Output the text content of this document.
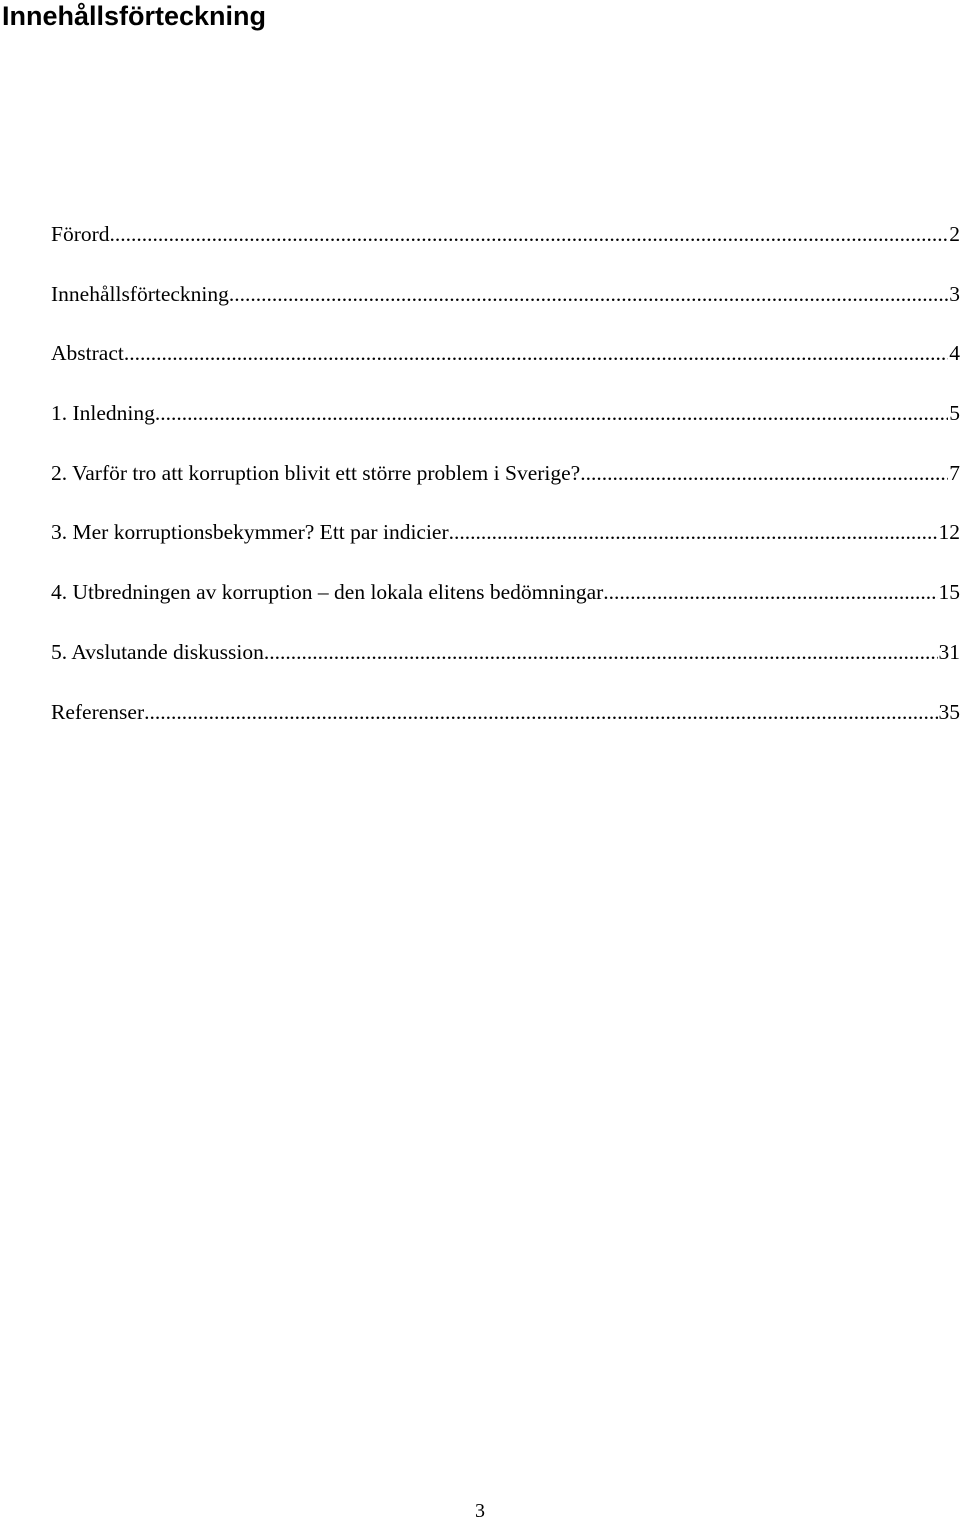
Innehållsförteckning
Förord .....	2
Innehållsförteckning .....	3
Abstract .....	4
1. Inledning .....	5
2. Varför tro att korruption blivit ett större problem i Sverige? .....	7
3. Mer korruptionsbekymmer? Ett par indicier .....	12
4. Utbredningen av korruption – den lokala elitens bedömningar .....	15
5. Avslutande diskussion .....	31
Referenser .....	35
3
